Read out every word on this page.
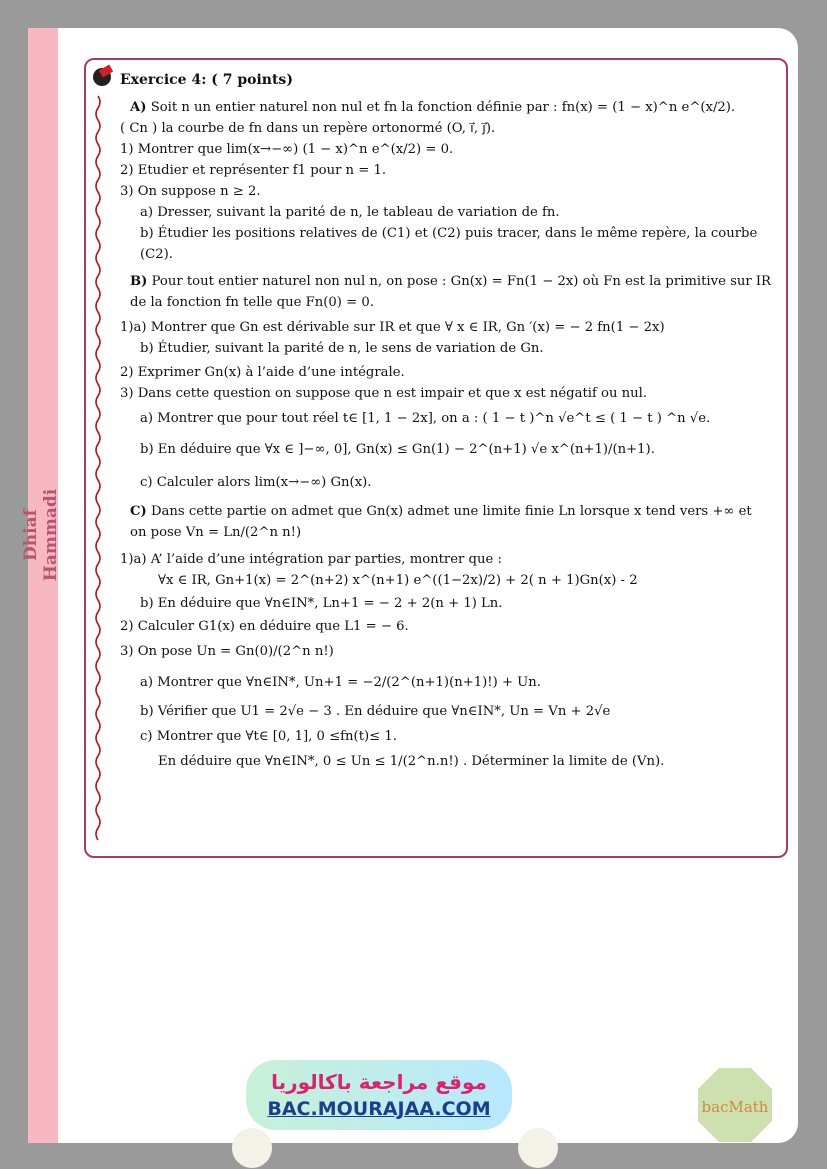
Dhiaf Hammadi
Exercice 4: ( 7 points)
A) Soit n un entier naturel non nul et fn la fonction définie par : fn(x) = (1 − x)^n e^(x/2).
( Cn ) la courbe de fn dans un repère ortonormé (O, i⃗, j⃗).
1) Montrer que lim(x→−∞) (1 − x)^n e^(x/2) = 0.
2) Etudier et représenter f1 pour n = 1.
3) On suppose n ≥ 2.
a) Dresser, suivant la parité de n, le tableau de variation de fn.
b) Étudier les positions relatives de (C1) et (C2) puis tracer, dans le même repère, la courbe (C2).
B) Pour tout entier naturel non nul n, on pose : Gn(x) = Fn(1 − 2x) où Fn est la primitive sur IR de la fonction fn telle que Fn(0) = 0.
1)a) Montrer que Gn est dérivable sur IR et que ∀ x ∈ IR, Gn ′(x) = − 2 fn(1 − 2x)
b) Étudier, suivant la parité de n, le sens de variation de Gn.
2) Exprimer Gn(x) à l’aide d’une intégrale.
3) Dans cette question on suppose que n est impair et que x est négatif ou nul.
a) Montrer que pour tout réel t∈ [1, 1 − 2x], on a : ( 1 − t )^n √e^t ≤ ( 1 − t ) ^n √e.
b) En déduire que ∀x ∈ ]−∞, 0], Gn(x) ≤ Gn(1) − 2^(n+1) √e x^(n+1)/(n+1).
c) Calculer alors lim(x→−∞) Gn(x).
C) Dans cette partie on admet que Gn(x) admet une limite finie Ln lorsque x tend vers +∞ et on pose Vn = Ln/(2^n n!)
1)a) A’ l’aide d’une intégration par parties, montrer que :
∀x ∈ IR, Gn+1(x) = 2^(n+2) x^(n+1) e^((1−2x)/2) + 2( n + 1)Gn(x) - 2
b) En déduire que ∀n∈IN*, Ln+1 = − 2 + 2(n + 1) Ln.
2) Calculer G1(x) en déduire que L1 = − 6.
3) On pose Un = Gn(0)/(2^n n!)
a) Montrer que ∀n∈IN*, Un+1 = −2/(2^(n+1)(n+1)!) + Un.
b) Vérifier que U1 = 2√e − 3 . En déduire que ∀n∈IN*, Un = Vn + 2√e
c) Montrer que ∀t∈ [0, 1], 0 ≤fn(t)≤ 1.
En déduire que ∀n∈IN*, 0 ≤ Un ≤ 1/(2^n.n!) . Déterminer la limite de (Vn).
موقع مراجعة باكالوريا
BAC.MOURAJAA.COM	bacMath
